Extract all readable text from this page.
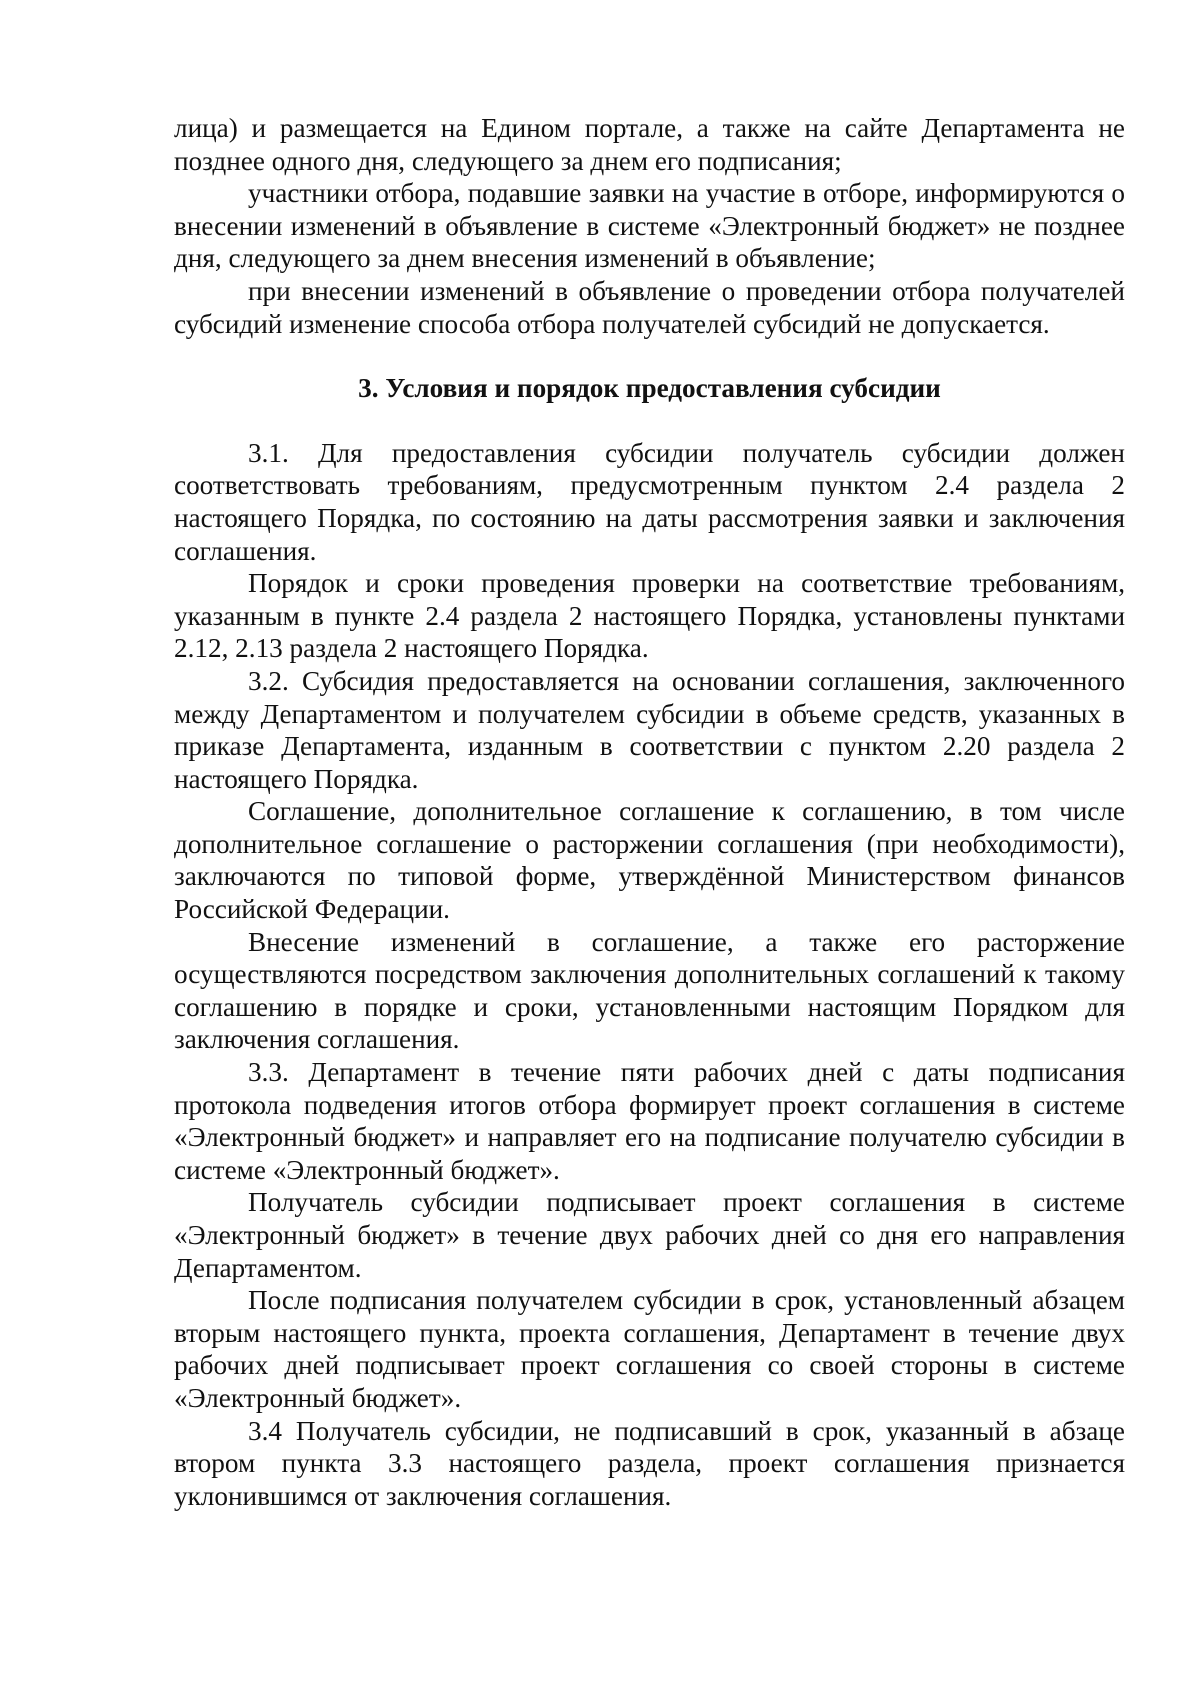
лица) и размещается на Едином портале, а также на сайте Департамента не позднее одного дня, следующего за днем его подписания;

участники отбора, подавшие заявки на участие в отборе, информируются о внесении изменений в объявление в системе «Электронный бюджет» не позднее дня, следующего за днем внесения изменений в объявление;

при внесении изменений в объявление о проведении отбора получателей субсидий изменение способа отбора получателей субсидий не допускается.

3. Условия и порядок предоставления субсидии

3.1. Для предоставления субсидии получатель субсидии должен соответствовать требованиям, предусмотренным пунктом 2.4 раздела 2 настоящего Порядка, по состоянию на даты рассмотрения заявки и заключения соглашения.

Порядок и сроки проведения проверки на соответствие требованиям, указанным в пункте 2.4 раздела 2 настоящего Порядка, установлены пунктами 2.12, 2.13 раздела 2 настоящего Порядка.

3.2. Субсидия предоставляется на основании соглашения, заключенного между Департаментом и получателем субсидии в объеме средств, указанных в приказе Департамента, изданным в соответствии с пунктом 2.20 раздела 2 настоящего Порядка.

Соглашение, дополнительное соглашение к соглашению, в том числе дополнительное соглашение о расторжении соглашения (при необходимости), заключаются по типовой форме, утверждённой Министерством финансов Российской Федерации.

Внесение изменений в соглашение, а также его расторжение осуществляются посредством заключения дополнительных соглашений к такому соглашению в порядке и сроки, установленными настоящим Порядком для заключения соглашения.

3.3. Департамент в течение пяти рабочих дней с даты подписания протокола подведения итогов отбора формирует проект соглашения в системе «Электронный бюджет» и направляет его на подписание получателю субсидии в системе «Электронный бюджет».

Получатель субсидии подписывает проект соглашения в системе «Электронный бюджет» в течение двух рабочих дней со дня его направления Департаментом.

После подписания получателем субсидии в срок, установленный абзацем вторым настоящего пункта, проекта соглашения, Департамент в течение двух рабочих дней подписывает проект соглашения со своей стороны в системе «Электронный бюджет».

3.4 Получатель субсидии, не подписавший в срок, указанный в абзаце втором пункта 3.3 настоящего раздела, проект соглашения признается уклонившимся от заключения соглашения.
